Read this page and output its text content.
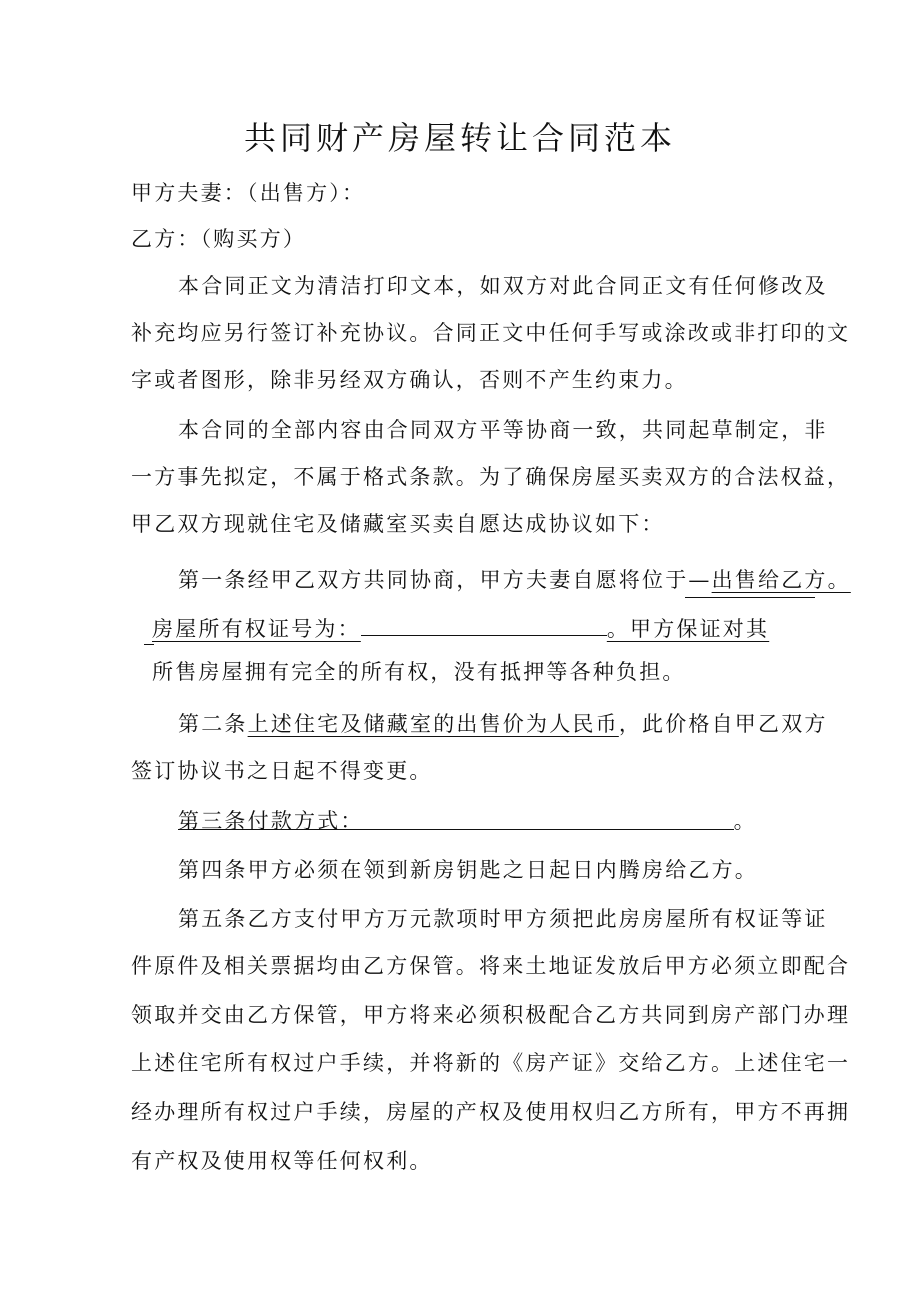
共同财产房屋转让合同范本
甲方夫妻：（出售方）：
乙方：（购买方）
本合同正文为清洁打印文本，如双方对此合同正文有任何修改及
补充均应另行签订补充协议。合同正文中任何手写或涂改或非打印的文
字或者图形，除非另经双方确认，否则不产生约束力。
本合同的全部内容由合同双方平等协商一致，共同起草制定，非
一方事先拟定，不属于格式条款。为了确保房屋买卖双方的合法权益，
甲乙双方现就住宅及储藏室买卖自愿达成协议如下：
第一条经甲乙双方共同协商，甲方夫妻自愿将位于—出售给乙方。
房屋所有权证号为：	。甲方保证对其
所售房屋拥有完全的所有权，没有抵押等各种负担。
第二条上述住宅及储藏室的出售价为人民币，此价格自甲乙双方
签订协议书之日起不得变更。
第三条付款方式：	。
第四条甲方必须在领到新房钥匙之日起日内腾房给乙方。
第五条乙方支付甲方万元款项时甲方须把此房房屋所有权证等证
件原件及相关票据均由乙方保管。将来土地证发放后甲方必须立即配合
领取并交由乙方保管，甲方将来必须积极配合乙方共同到房产部门办理
上述住宅所有权过户手续，并将新的《房产证》交给乙方。上述住宅一
经办理所有权过户手续，房屋的产权及使用权归乙方所有，甲方不再拥
有产权及使用权等任何权利。
